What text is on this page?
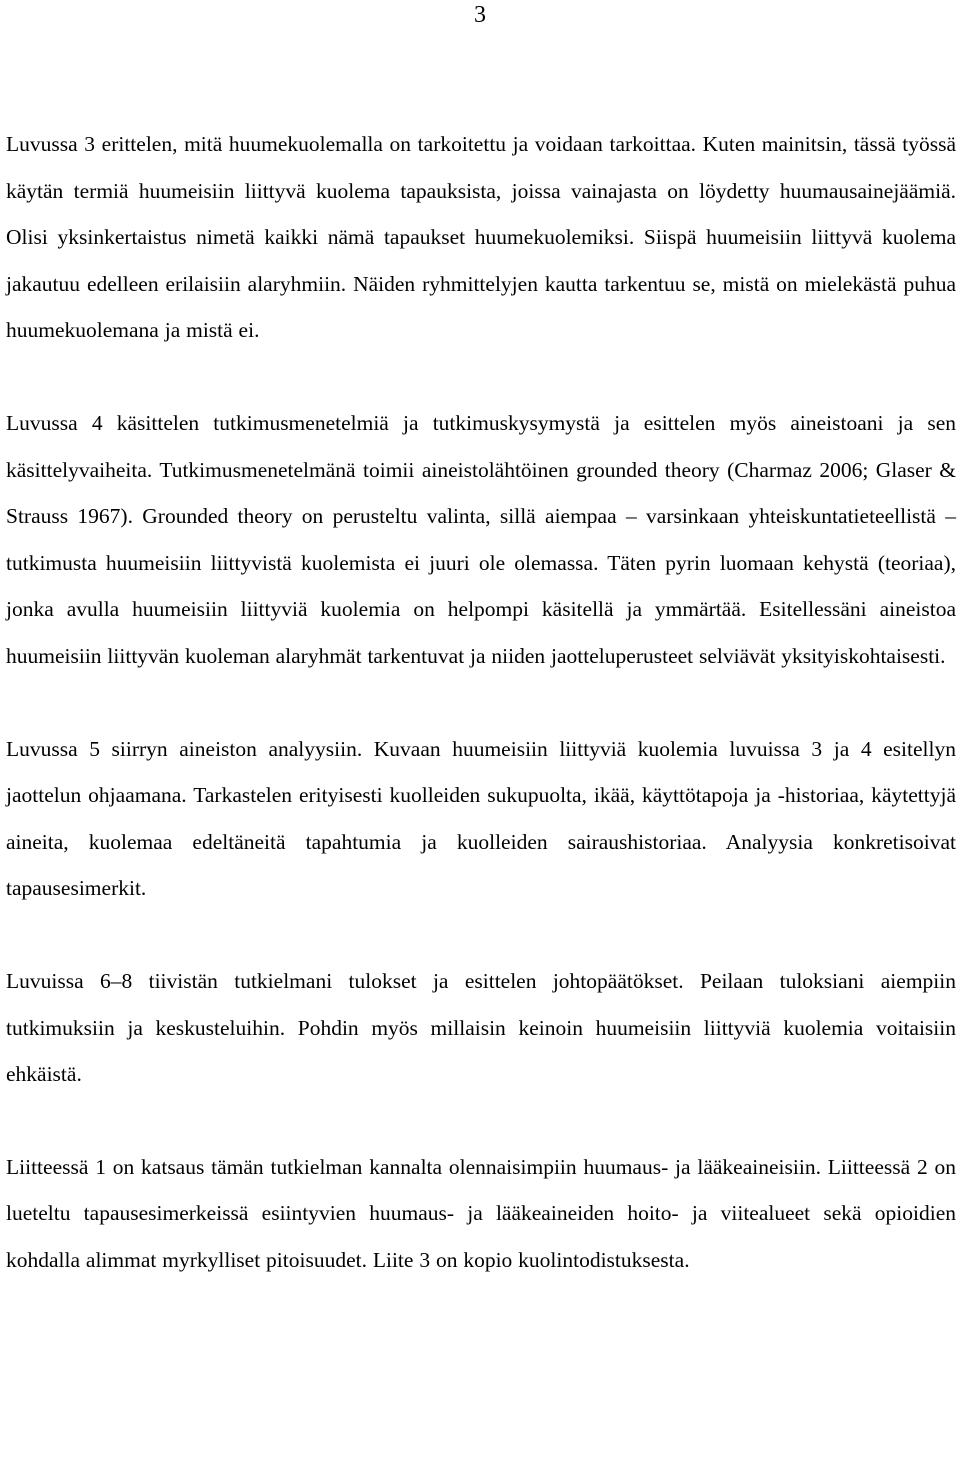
3

Luvussa 3 erittelen, mitä huumekuolemalla on tarkoitettu ja voidaan tarkoittaa. Kuten mainitsin, tässä työssä käytän termiä huumeisiin liittyvä kuolema tapauksista, joissa vainajasta on löydetty huumausainejäämiä. Olisi yksinkertaistus nimetä kaikki nämä tapaukset huumekuolemiksi. Siispä huumeisiin liittyvä kuolema jakautuu edelleen erilaisiin alaryhmiin. Näiden ryhmittelyjen kautta tarkentuu se, mistä on mielekästä puhua huumekuolemana ja mistä ei.

Luvussa 4 käsittelen tutkimusmenetelmiä ja tutkimuskysymystä ja esittelen myös aineistoani ja sen käsittelyvaiheita. Tutkimusmenetelmänä toimii aineistolähtöinen grounded theory (Charmaz 2006; Glaser & Strauss 1967). Grounded theory on perusteltu valinta, sillä aiempaa – varsinkaan yhteiskuntatieteellistä – tutkimusta huumeisiin liittyvistä kuolemista ei juuri ole olemassa. Täten pyrin luomaan kehystä (teoriaa), jonka avulla huumeisiin liittyviä kuolemia on helpompi käsitellä ja ymmärtää. Esitellessäni aineistoa huumeisiin liittyvän kuoleman alaryhmät tarkentuvat ja niiden jaotteluperusteet selviävät yksityiskohtaisesti.

Luvussa 5 siirryn aineiston analyysiin. Kuvaan huumeisiin liittyviä kuolemia luvuissa 3 ja 4 esitellyn jaottelun ohjaamana. Tarkastelen erityisesti kuolleiden sukupuolta, ikää, käyttötapoja ja -historiaa, käytettyjä aineita, kuolemaa edeltäneitä tapahtumia ja kuolleiden sairaushistoriaa. Analyysia konkretisoivat tapausesimerkit.

Luvuissa 6–8 tiivistän tutkielmani tulokset ja esittelen johtopäätökset. Peilaan tuloksiani aiempiin tutkimuksiin ja keskusteluihin. Pohdin myös millaisin keinoin huumeisiin liittyviä kuolemia voitaisiin ehkäistä.

Liitteessä 1 on katsaus tämän tutkielman kannalta olennaisimpiin huumaus- ja lääkeaineisiin. Liitteessä 2 on lueteltu tapausesimerkeissä esiintyvien huumaus- ja lääkeaineiden hoito- ja viitealueet sekä opioidien kohdalla alimmat myrkylliset pitoisuudet. Liite 3 on kopio kuolintodistuksesta.
